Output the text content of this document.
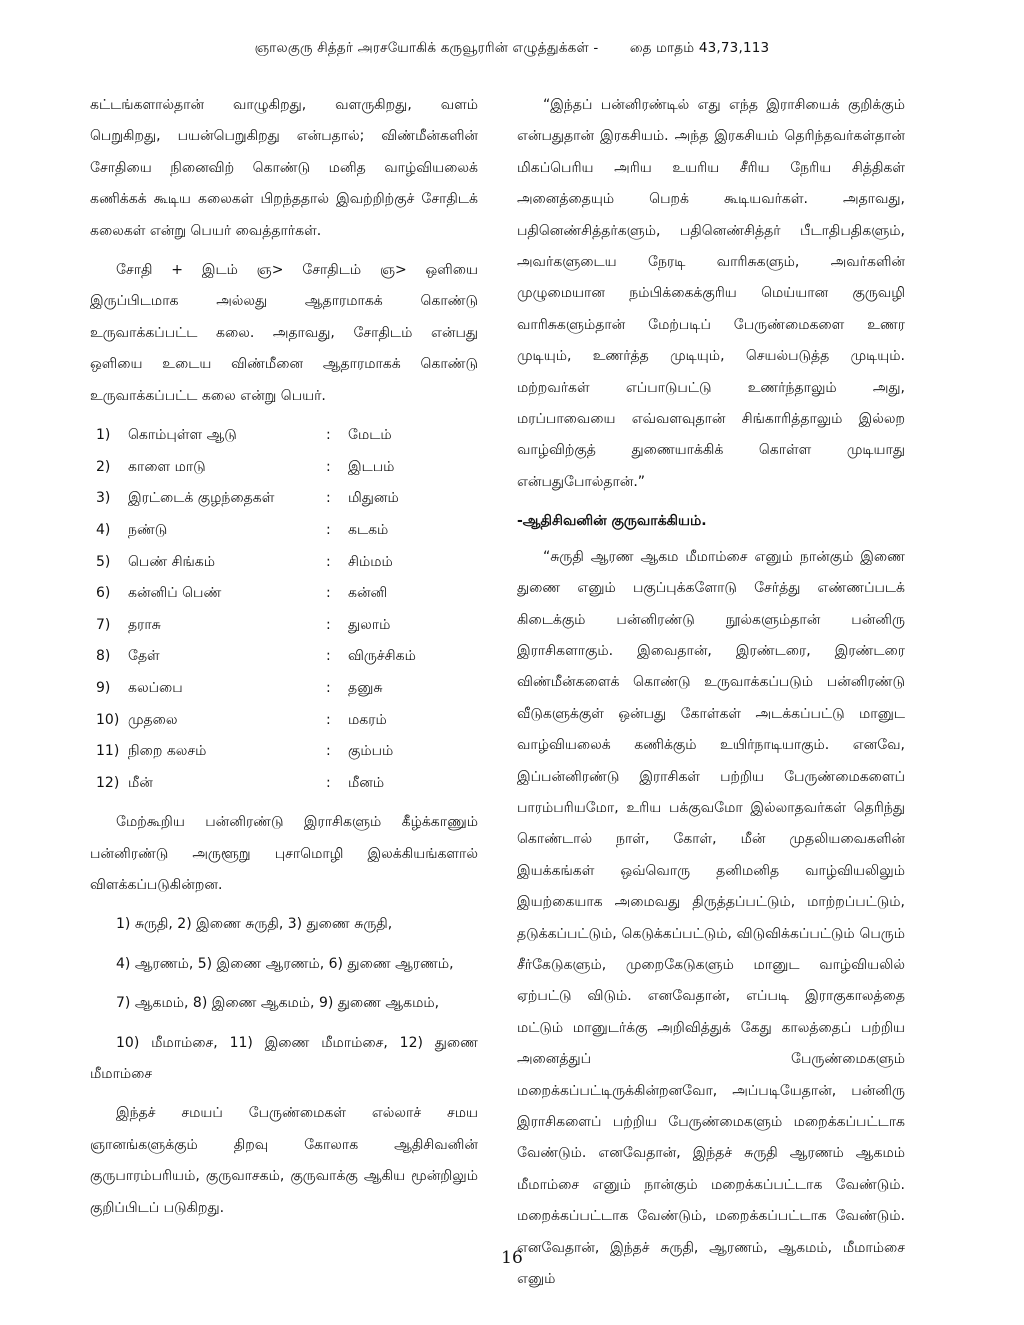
ஞாலகுரு சித்தர் அரசயோகிக் கருவூரரின் எழுத்துக்கள் - தை மாதம் 43,73,113

கட்டங்களால்தான் வாழுகிறது, வளருகிறது, வளம் பெறுகிறது, பயன்பெறுகிறது என்பதால்; விண்மீன்களின் சோதியை நினைவிற் கொண்டு மனித வாழ்வியலைக் கணிக்கக் கூடிய கலைகள் பிறந்ததால் இவற்றிற்குச் சோதிடக் கலைகள் என்று பெயர் வைத்தார்கள்.

சோதி + இடம் ஞ> சோதிடம் ஞ> ஒளியை இருப்பிடமாக அல்லது ஆதாரமாகக் கொண்டு உருவாக்கப்பட்ட கலை. அதாவது, சோதிடம் என்பது ஒளியை உடைய விண்மீனை ஆதாரமாகக் கொண்டு உருவாக்கப்பட்ட கலை என்று பெயர்.

1)	கொம்புள்ள ஆடு	:	மேடம்
2)	காளை மாடு	:	இடபம்
3)	இரட்டைக் குழந்தைகள்	:	மிதுனம்
4)	நண்டு	:	கடகம்
5)	பெண் சிங்கம்	:	சிம்மம்
6)	கன்னிப் பெண்	:	கன்னி
7)	தராசு	:	துலாம்
8)	தேள்	:	விருச்சிகம்
9)	கலப்பை	:	தனுசு
10) முதலை	:	மகரம்
11) நிறை கலசம்	:	கும்பம்
12) மீன்	:	மீனம்

மேற்கூறிய பன்னிரண்டு இராசிகளும் கீழ்க்காணும் பன்னிரண்டு அருளூறு புசாமொழி இலக்கியங்களால் விளக்கப்படுகின்றன.

1) சுருதி, 2) இணை சுருதி, 3) துணை சுருதி,

4) ஆரணம், 5) இணை ஆரணம், 6) துணை ஆரணம்,

7) ஆகமம், 8) இணை ஆகமம், 9) துணை ஆகமம்,

10) மீமாம்சை, 11) இணை மீமாம்சை, 12) துணை மீமாம்சை

இந்தச் சமயப் பேருண்மைகள் எல்லாச் சமய ஞானங்களுக்கும் திறவு கோலாக ஆதிசிவனின் குருபாரம்பரியம், குருவாசகம், குருவாக்கு ஆகிய மூன்றிலும் குறிப்பிடப் படுகிறது.

“இந்தப் பன்னிரண்டில் எது எந்த இராசியைக் குறிக்கும் என்பதுதான் இரகசியம். அந்த இரகசியம் தெரிந்தவர்கள்தான் மிகப்பெரிய அரிய உயரிய சீரிய நேரிய சித்திகள் அனைத்தையும் பெறக் கூடியவர்கள். அதாவது, பதினெண்சித்தர்களும், பதினெண்சித்தர் பீடாதிபதிகளும், அவர்களுடைய நேரடி வாரிசுகளும், அவர்களின் முழுமையான நம்பிக்கைக்குரிய மெய்யான குருவழி வாரிசுகளும்தான் மேற்படிப் பேருண்மைகளை உணர முடியும், உணர்த்த முடியும், செயல்படுத்த முடியும். மற்றவர்கள் எப்பாடுபட்டு உணர்ந்தாலும் அது, மரப்பாவையை எவ்வளவுதான் சிங்காரித்தாலும் இல்லற வாழ்விற்குத் துணையாக்கிக் கொள்ள முடியாது என்பதுபோல்தான்.”

-ஆதிசிவனின் குருவாக்கியம்.

“சுருதி ஆரண ஆகம மீமாம்சை எனும் நான்கும் இணை துணை எனும் பகுப்புக்களோடு சேர்த்து எண்ணப்படக் கிடைக்கும் பன்னிரண்டு நூல்களும்தான் பன்னிரு இராசிகளாகும். இவைதான், இரண்டரை, இரண்டரை விண்மீன்களைக் கொண்டு உருவாக்கப்படும் பன்னிரண்டு வீடுகளுக்குள் ஒன்பது கோள்கள் அடக்கப்பட்டு மானுட வாழ்வியலைக் கணிக்கும் உயிர்நாடியாகும். எனவே, இப்பன்னிரண்டு இராசிகள் பற்றிய பேருண்மைகளைப் பாரம்பரியமோ, உரிய பக்குவமோ இல்லாதவர்கள் தெரிந்து கொண்டால் நாள், கோள், மீன் முதலியவைகளின் இயக்கங்கள் ஒவ்வொரு தனிமனித வாழ்வியலிலும் இயற்கையாக அமைவது திருத்தப்பட்டும், மாற்றப்பட்டும், தடுக்கப்பட்டும், கெடுக்கப்பட்டும், விடுவிக்கப்பட்டும் பெரும் சீர்கேடுகளும், முறைகேடுகளும் மானுட வாழ்வியலில் ஏற்பட்டு விடும். எனவேதான், எப்படி இராகுகாலத்தை மட்டும் மானுடர்க்கு அறிவித்துக் கேது காலத்தைப் பற்றிய அனைத்துப் பேருண்மைகளும் மறைக்கப்பட்டிருக்கின்றனவோ, அப்படியேதான், பன்னிரு இராசிகளைப் பற்றிய பேருண்மைகளும் மறைக்கப்பட்டாக வேண்டும். எனவேதான், இந்தச் சுருதி ஆரணம் ஆகமம் மீமாம்சை எனும் நான்கும் மறைக்கப்பட்டாக வேண்டும். மறைக்கப்பட்டாக வேண்டும், மறைக்கப்பட்டாக வேண்டும். எனவேதான், இந்தச் சுருதி, ஆரணம், ஆகமம், மீமாம்சை எனும்

16
